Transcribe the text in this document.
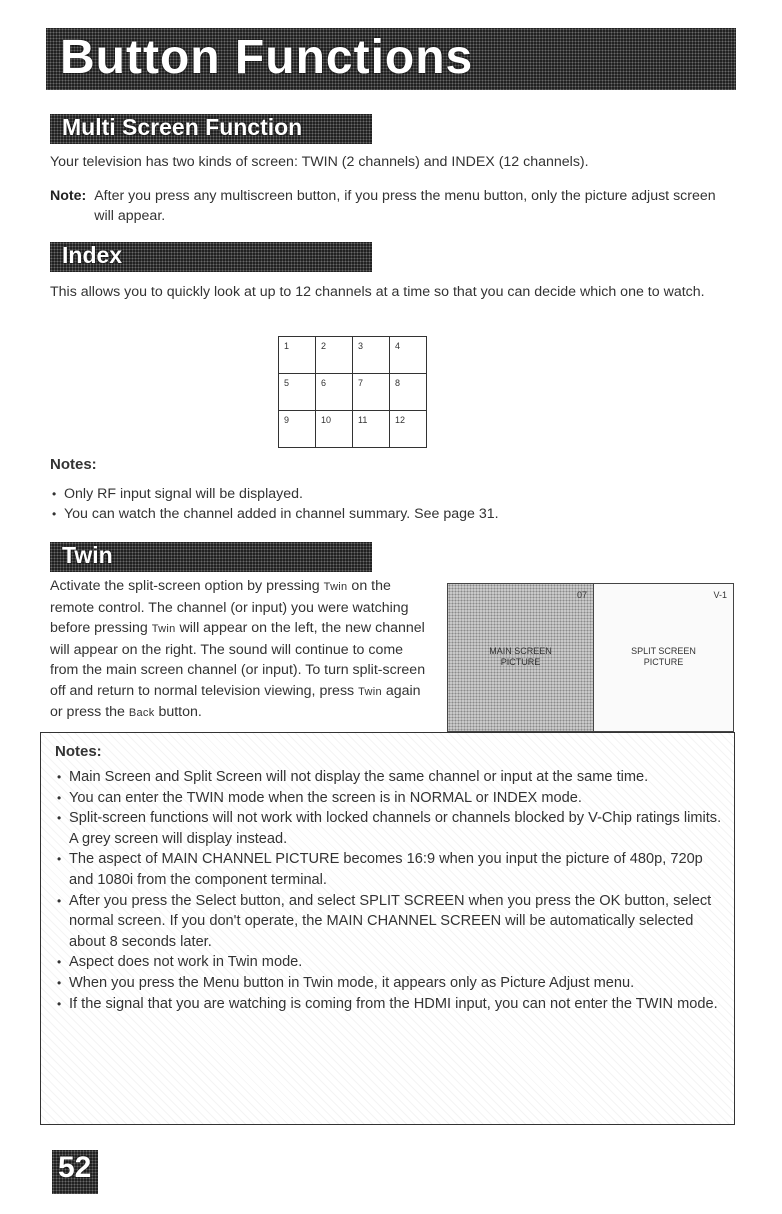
Button Functions
Multi Screen Function
Your television has two kinds of screen: TWIN (2 channels) and INDEX (12 channels).
Note: After you press any multiscreen button, if you press the menu button, only the picture adjust screen will appear.
Index
This allows you to quickly look at up to 12 channels at a time so that you can decide which one to watch.
1	2	3	4
5	6	7	8
9	10	11	12
Notes:
• Only RF input signal will be displayed.
• You can watch the channel added in channel summary. See page 31.
Twin
Activate the split-screen option by pressing Twin on the remote control. The channel (or input) you were watching before pressing Twin will appear on the left, the new channel will appear on the right. The sound will continue to come from the main screen channel (or input). To turn split-screen off and return to normal television viewing, press Twin again or press the Back button.
07
MAIN SCREEN
PICTURE
V-1
SPLIT SCREEN
PICTURE
Notes:
• Main Screen and Split Screen will not display the same channel or input at the same time.
• You can enter the TWIN mode when the screen is in NORMAL or INDEX mode.
• Split-screen functions will not work with locked channels or channels blocked by V-Chip ratings limits. A grey screen will display instead.
• The aspect of MAIN CHANNEL PICTURE becomes 16:9 when you input the picture of 480p, 720p and 1080i from the component terminal.
• After you press the Select button, and select SPLIT SCREEN when you press the OK button, select normal screen. If you don't operate, the MAIN CHANNEL SCREEN will be automatically selected about 8 seconds later.
• Aspect does not work in Twin mode.
• When you press the Menu button in Twin mode, it appears only as Picture Adjust menu.
• If the signal that you are watching is coming from the HDMI input, you can not enter the TWIN mode.
52
